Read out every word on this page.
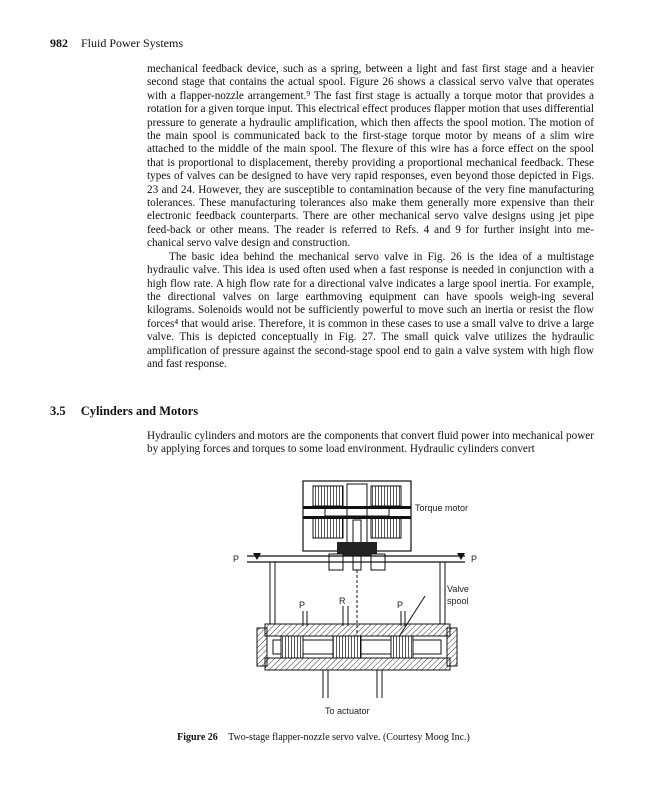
982 Fluid Power Systems

mechanical feedback device, such as a spring, between a light and fast first stage and a heavier second stage that contains the actual spool. Figure 26 shows a classical servo valve that operates with a flapper-nozzle arrangement.⁹ The fast first stage is actually a torque motor that provides a rotation for a given torque input. This electrical effect produces flapper motion that uses differential pressure to generate a hydraulic amplification, which then affects the spool motion. The motion of the main spool is communicated back to the first-stage torque motor by means of a slim wire attached to the middle of the main spool. The flexure of this wire has a force effect on the spool that is proportional to displacement, thereby providing a proportional mechanical feedback. These types of valves can be designed to have very rapid responses, even beyond those depicted in Figs. 23 and 24. However, they are susceptible to contamination because of the very fine manufacturing tolerances. These manufacturing tolerances also make them generally more expensive than their electronic feedback counterparts. There are other mechanical servo valve designs using jet pipe feed-back or other means. The reader is referred to Refs. 4 and 9 for further insight into me-chanical servo valve design and construction.

The basic idea behind the mechanical servo valve in Fig. 26 is the idea of a multistage hydraulic valve. This idea is used often used when a fast response is needed in conjunction with a high flow rate. A high flow rate for a directional valve indicates a large spool inertia. For example, the directional valves on large earthmoving equipment can have spools weigh-ing several kilograms. Solenoids would not be sufficiently powerful to move such an inertia or resist the flow forces⁴ that would arise. Therefore, it is common in these cases to use a small valve to drive a large valve. This is depicted conceptually in Fig. 27. The small quick valve utilizes the hydraulic amplification of pressure against the second-stage spool end to gain a valve system with high flow and fast response.

3.5 Cylinders and Motors

Hydraulic cylinders and motors are the components that convert fluid power into mechanical power by applying forces and torques to some load environment. Hydraulic cylinders convert

Torque motor
P	P
P	R	P
Valve
spool
To actuator
Figure 26 Two-stage flapper-nozzle servo valve. (Courtesy Moog Inc.)
